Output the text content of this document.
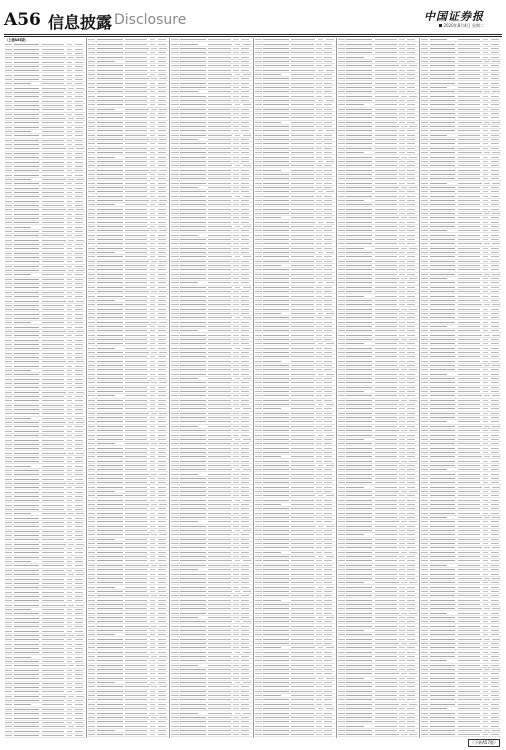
A56 信息披露 Disclosure	中国证券报
2020年8月4日 星期二
（上接A55版）
（下转A57版）
